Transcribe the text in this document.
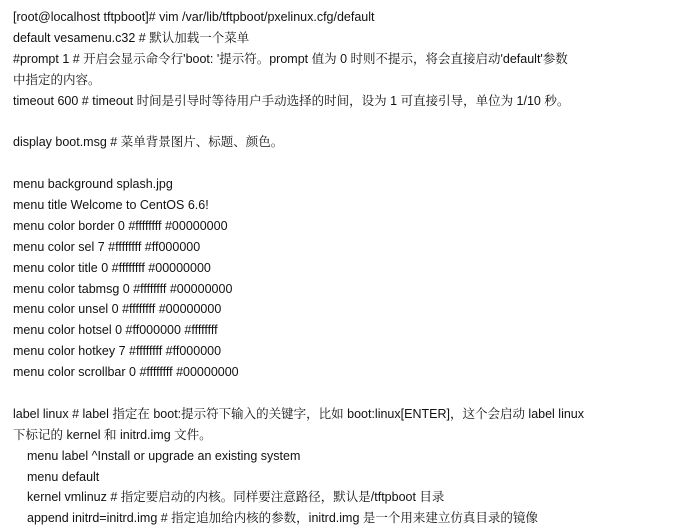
[root@localhost tftpboot]# vim /var/lib/tftpboot/pxelinux.cfg/default
default vesamenu.c32 # 默认加载一个菜单
#prompt 1 # 开启会显示命令行'boot: '提示符。prompt 值为 0 时则不提示，将会直接启动'default'参数
中指定的内容。
timeout 600 # timeout 时间是引导时等待用户手动选择的时间，设为 1 可直接引导，单位为 1/10 秒。
display boot.msg # 菜单背景图片、标题、颜色。
menu background splash.jpg
menu title Welcome to CentOS 6.6!
menu color border 0 #ffffffff #00000000
menu color sel 7 #ffffffff #ff000000
menu color title 0 #ffffffff #00000000
menu color tabmsg 0 #ffffffff #00000000
menu color unsel 0 #ffffffff #00000000
menu color hotsel 0 #ff000000 #ffffffff
menu color hotkey 7 #ffffffff #ff000000
menu color scrollbar 0 #ffffffff #00000000
label linux # label 指定在 boot:提示符下输入的关键字，比如 boot:linux[ENTER]，这个会启动 label linux
下标记的 kernel 和 initrd.img 文件。
menu label ^Install or upgrade an existing system
menu default
kernel vmlinuz # 指定要启动的内核。同样要注意路径，默认是/tftpboot 目录
append initrd=initrd.img # 指定追加给内核的参数，initrd.img 是一个用来建立仿真目录的镜像
